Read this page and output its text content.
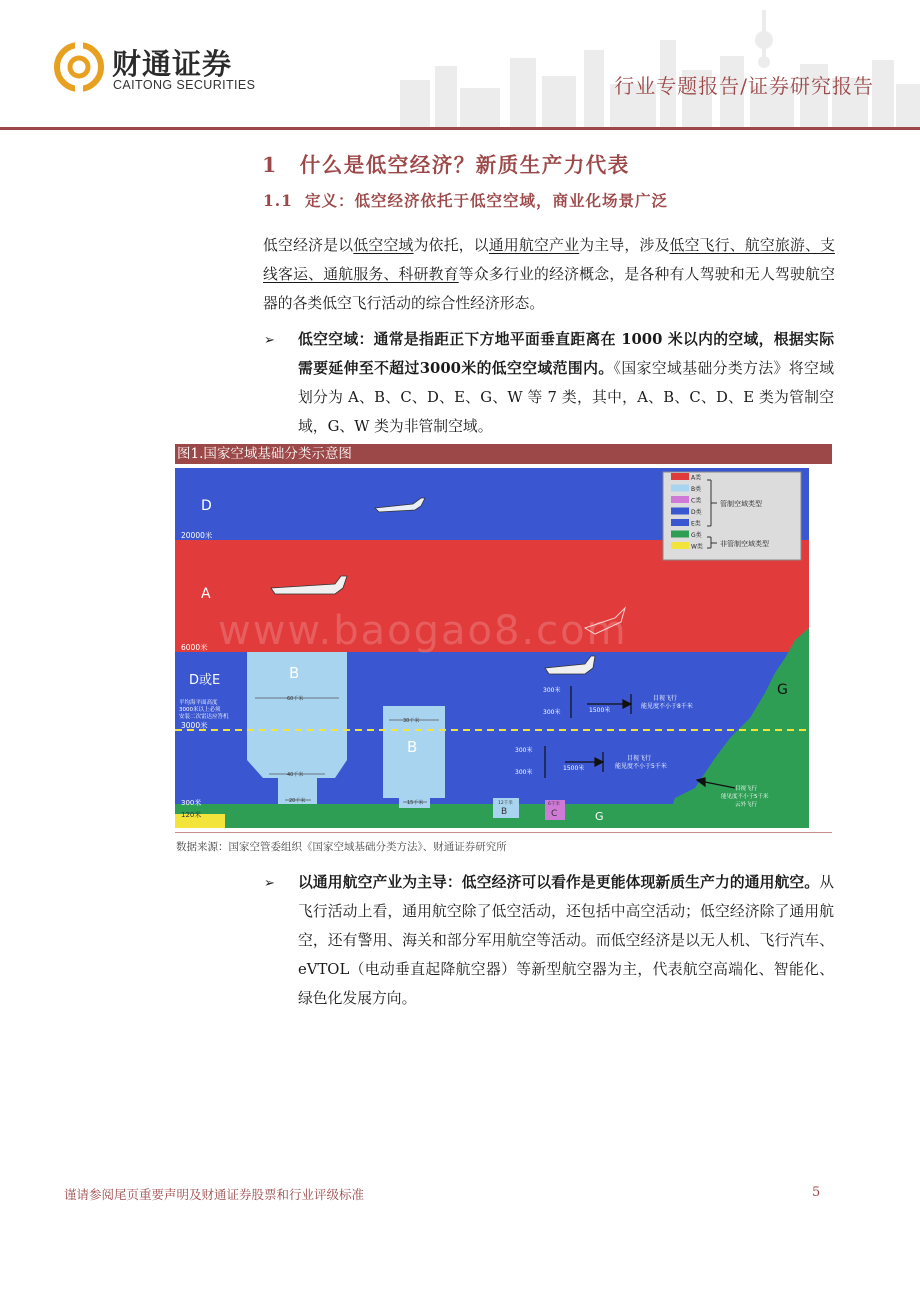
财通证券
CAITONG SECURITIES	行业专题报告/证券研究报告
1 什么是低空经济？新质生产力代表
1.1 定义：低空经济依托于低空空域，商业化场景广泛
低空经济是以低空空域为依托，以通用航空产业为主导，涉及低空飞行、航空旅游、支线客运、通航服务、科研教育等众多行业的经济概念，是各种有人驾驶和无人驾驶航空器的各类低空飞行活动的综合性经济形态。
➢ 低空空域：通常是指距正下方地平面垂直距离在 1000 米以内的空域，根据实际需要延伸至不超过3000米的低空空域范围内。《国家空域基础分类方法》将空域划分为 A、B、C、D、E、G、W 等 7 类，其中，A、B、C、D、E 类为管制空域，G、W 类为非管制空域。
图1.国家空域基础分类示意图
A类
B类
C类
D类
E类
G类
W类
管制空域类型
非管制空域类型
D
A
D或E	B
B
B	C
G
G
20000米
6000米
3000米
300米
120米
平均海平面高度
3000米以上必须
安装二次雷达应答机
60千米
40千米
20千米
30千米
15千米	12千米	6千米
300米
300米	1500米
目视飞行
能见度不小于8千米
300米
300米
1500米
目视飞行
能见度不小于5千米
目视飞行
能见度不小于5千米
云外飞行
www.baogao8.com
数据来源：国家空管委组织《国家空域基础分类方法》、财通证券研究所
➢ 以通用航空产业为主导：低空经济可以看作是更能体现新质生产力的通用航空。从飞行活动上看，通用航空除了低空活动，还包括中高空活动；低空经济除了通用航空，还有警用、海关和部分军用航空等活动。而低空经济是以无人机、飞行汽车、eVTOL（电动垂直起降航空器）等新型航空器为主，代表航空高端化、智能化、绿色化发展方向。
谨请参阅尾页重要声明及财通证券股票和行业评级标准	5
